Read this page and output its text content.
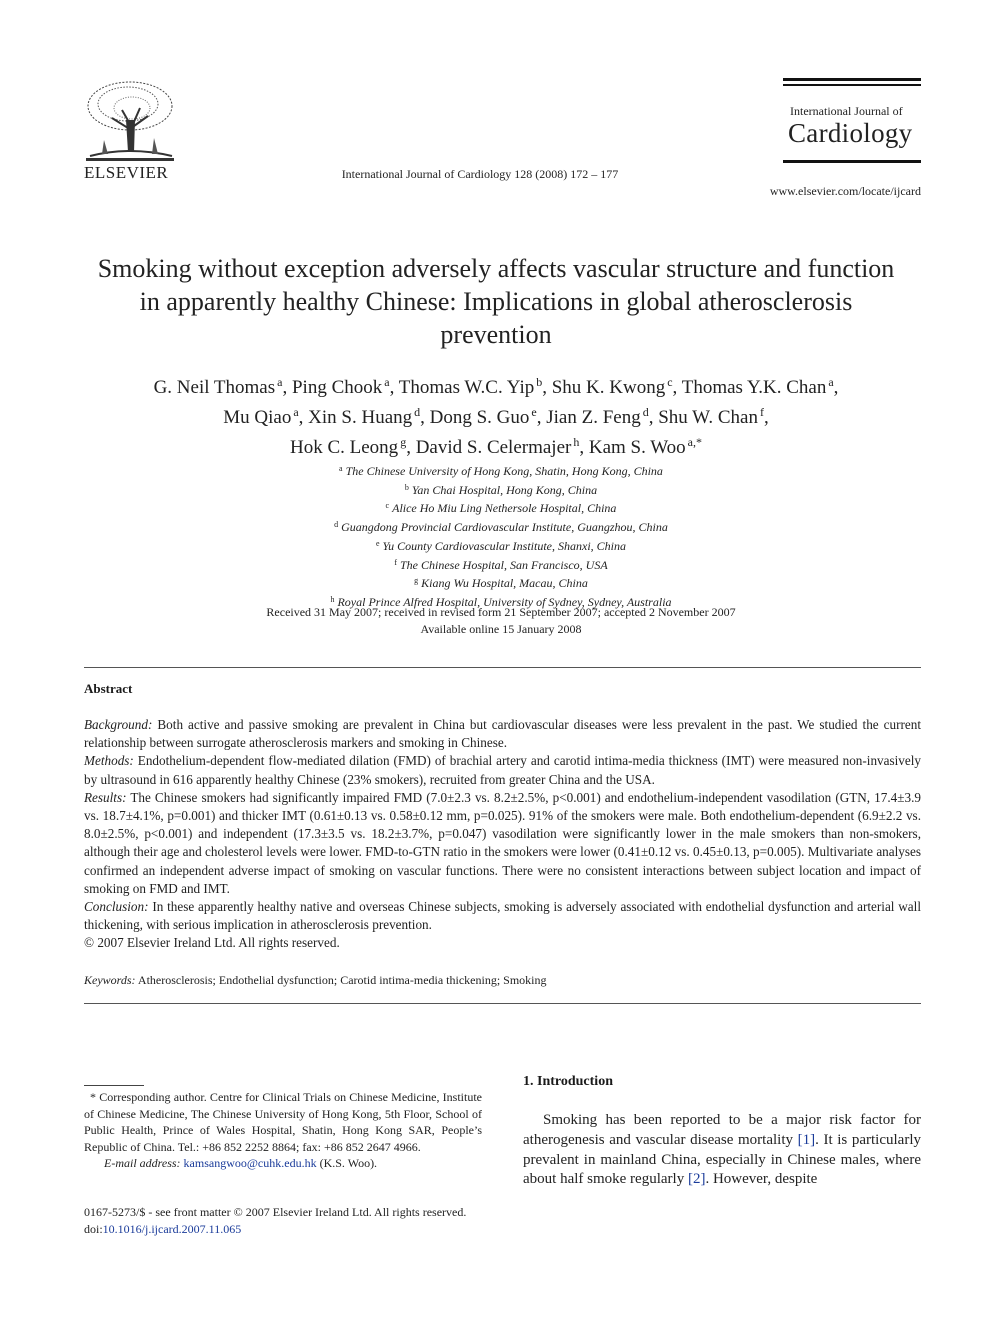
ELSEVIER	International Journal of Cardiology 128 (2008) 172 – 177
International Journal of
Cardiology
www.elsevier.com/locate/ijcard
Smoking without exception adversely affects vascular structure and function in apparently healthy Chinese: Implications in global atherosclerosis prevention
G. Neil Thomas $^a$, Ping Chook $^a$, Thomas W.C. Yip $^b$, Shu K. Kwong $^c$, Thomas Y.K. Chan $^a$,
Mu Qiao $^a$, Xin S. Huang $^d$, Dong S. Guo $^e$, Jian Z. Feng $^d$, Shu W. Chan $^f$,
Hok C. Leong $^g$, David S. Celermajer $^h$, Kam S. Woo $^{a,*}$
$^a$ The Chinese University of Hong Kong, Shatin, Hong Kong, China
$^b$ Yan Chai Hospital, Hong Kong, China
$^c$ Alice Ho Miu Ling Nethersole Hospital, China
$^d$ Guangdong Provincial Cardiovascular Institute, Guangzhou, China
$^e$ Yu County Cardiovascular Institute, Shanxi, China
$^f$ The Chinese Hospital, San Francisco, USA
$^g$ Kiang Wu Hospital, Macau, China
$^h$ Royal Prince Alfred Hospital, University of Sydney, Sydney, Australia
Received 31 May 2007; received in revised form 21 September 2007; accepted 2 November 2007
Available online 15 January 2008
Abstract

Background: Both active and passive smoking are prevalent in China but cardiovascular diseases were less prevalent in the past. We studied the current relationship between surrogate atherosclerosis markers and smoking in Chinese.

Methods: Endothelium-dependent flow-mediated dilation (FMD) of brachial artery and carotid intima-media thickness (IMT) were measured non-invasively by ultrasound in 616 apparently healthy Chinese (23% smokers), recruited from greater China and the USA.

Results: The Chinese smokers had significantly impaired FMD (7.0±2.3 vs. 8.2±2.5%, p<0.001) and endothelium-independent vasodilation (GTN, 17.4±3.9 vs. 18.7±4.1%, p=0.001) and thicker IMT (0.61±0.13 vs. 0.58±0.12 mm, p=0.025). 91% of the smokers were male. Both endothelium-dependent (6.9±2.2 vs. 8.0±2.5%, p<0.001) and independent (17.3±3.5 vs. 18.2±3.7%, p=0.047) vasodilation were significantly lower in the male smokers than non-smokers, although their age and cholesterol levels were lower. FMD-to-GTN ratio in the smokers were lower (0.41±0.12 vs. 0.45±0.13, p=0.005). Multivariate analyses confirmed an independent adverse impact of smoking on vascular functions. There were no consistent interactions between subject location and impact of smoking on FMD and IMT.

Conclusion: In these apparently healthy native and overseas Chinese subjects, smoking is adversely associated with endothelial dysfunction and arterial wall thickening, with serious implication in atherosclerosis prevention.

© 2007 Elsevier Ireland Ltd. All rights reserved.

Keywords: Atherosclerosis; Endothelial dysfunction; Carotid intima-media thickening; Smoking

* Corresponding author. Centre for Clinical Trials on Chinese Medicine, Institute of Chinese Medicine, The Chinese University of Hong Kong, 5th Floor, School of Public Health, Prince of Wales Hospital, Shatin, Hong Kong SAR, People’s Republic of China. Tel.: +86 852 2252 8864; fax: +86 852 2647 4966.

E-mail address: kamsangwoo@cuhk.edu.hk (K.S. Woo).

0167-5273/$ - see front matter © 2007 Elsevier Ireland Ltd. All rights reserved.

doi:10.1016/j.ijcard.2007.11.065

1. Introduction
Smoking has been reported to be a major risk factor for atherogenesis and vascular disease mortality [1]. It is particularly prevalent in mainland China, especially in Chinese males, where about half smoke regularly [2]. However, despite
